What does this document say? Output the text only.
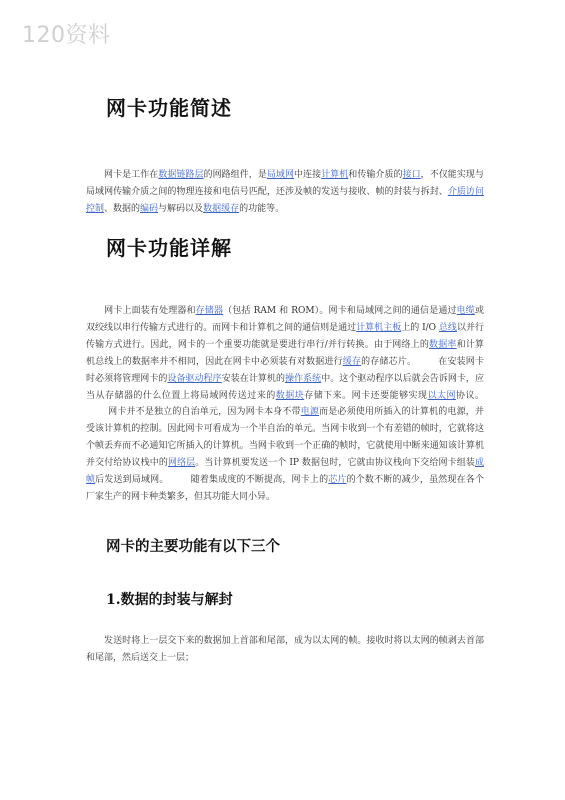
120资料
网卡功能简述
网卡是工作在数据链路层的网路组件，是局域网中连接计算机和传输介质的接口，不仅能实现与局域网传输介质之间的物理连接和电信号匹配，还涉及帧的发送与接收、帧的封装与拆封、介质访问控制、数据的编码与解码以及数据缓存的功能等。
网卡功能详解
网卡上面装有处理器和存储器（包括 RAM 和 ROM）。网卡和局域网之间的通信是通过电缆或双绞线以串行传输方式进行的。而网卡和计算机之间的通信则是通过计算机主板上的 I/O 总线以并行传输方式进行。因此，网卡的一个重要功能就是要进行串行/并行转换。由于网络上的数据率和计算机总线上的数据率并不相同，因此在网卡中必须装有对数据进行缓存的存储芯片。 在安装网卡时必须将管理网卡的设备驱动程序安装在计算机的操作系统中。这个驱动程序以后就会告诉网卡，应当从存储器的什么位置上将局域网传送过来的数据块存储下来。网卡还要能够实现以太网协议。网卡并不是独立的自治单元，因为网卡本身不带电源而是必须使用所插入的计算机的电源，并受该计算机的控制。因此网卡可看成为一个半自治的单元。当网卡收到一个有差错的帧时，它就将这个帧丢弃而不必通知它所插入的计算机。当网卡收到一个正确的帧时，它就使用中断来通知该计算机并交付给协议栈中的网络层。当计算机要发送一个 IP 数据包时，它就由协议栈向下交给网卡组装成帧后发送到局域网。 随着集成度的不断提高，网卡上的芯片的个数不断的减少，虽然现在各个厂家生产的网卡种类繁多，但其功能大同小异。
网卡的主要功能有以下三个
1.数据的封装与解封
发送时将上一层交下来的数据加上首部和尾部，成为以太网的帧。接收时将以太网的帧剥去首部和尾部，然后送交上一层；
